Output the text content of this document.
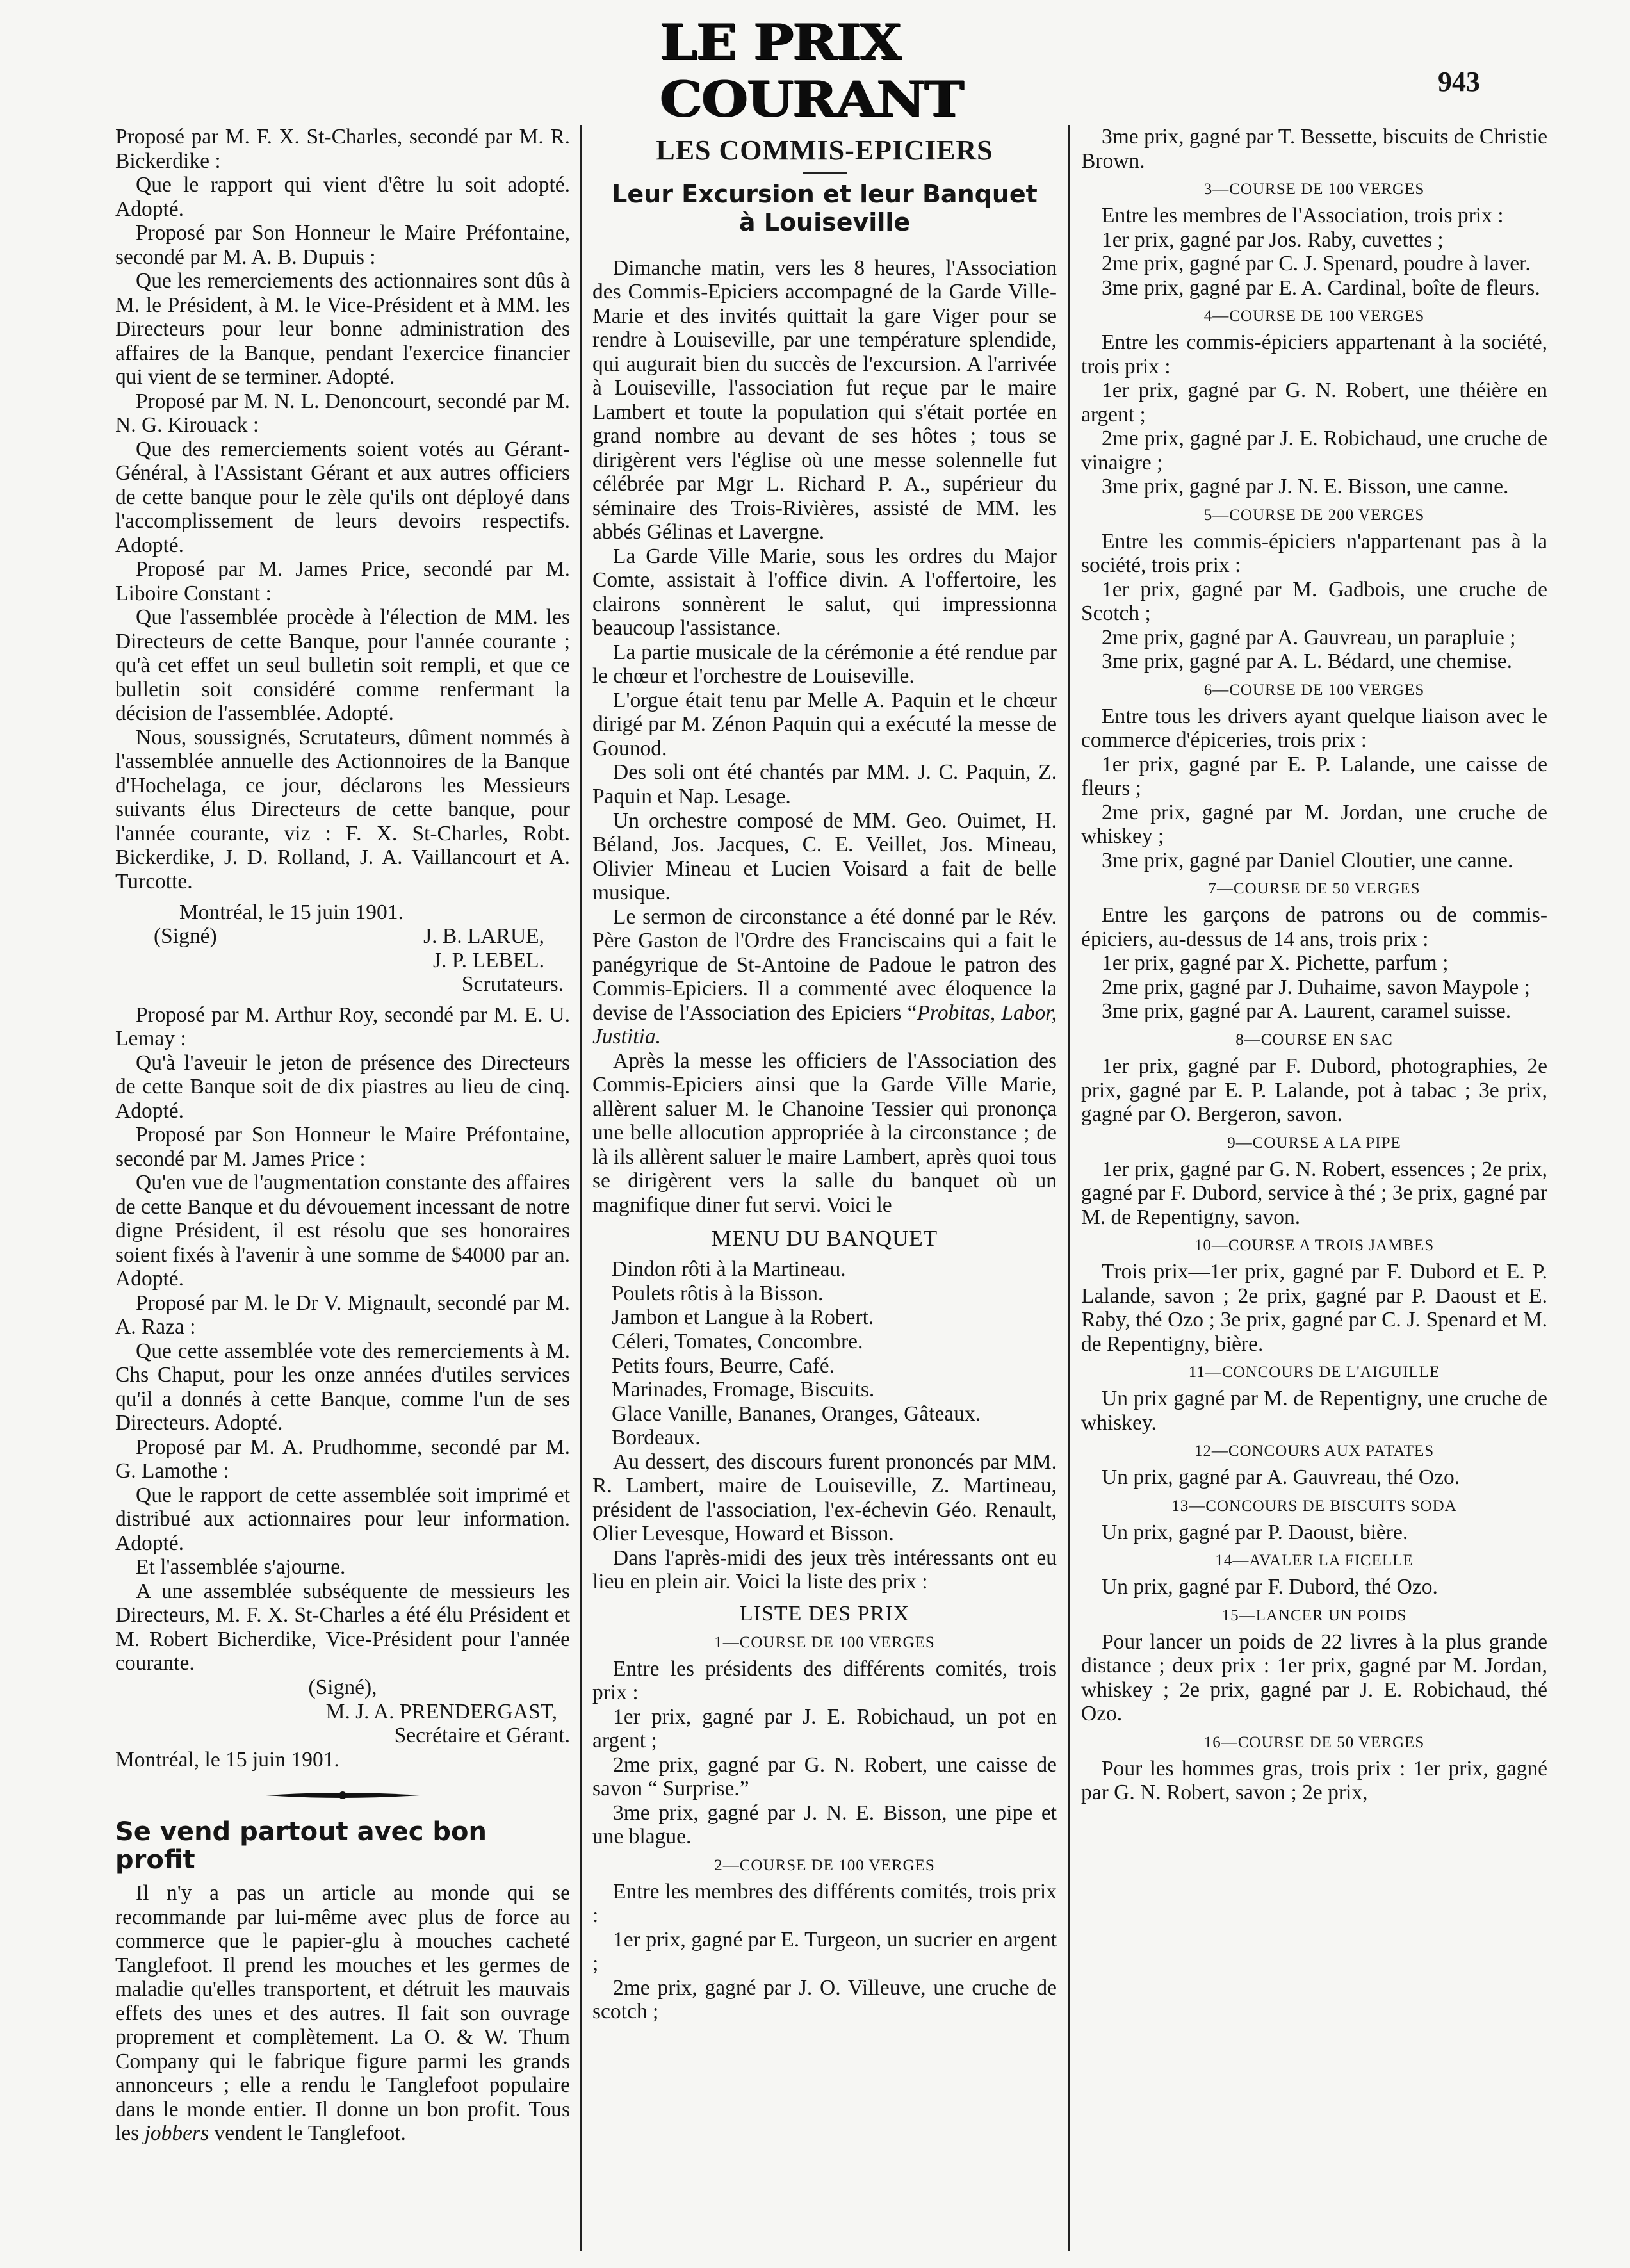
LE PRIX COURANT	943

Proposé par M. F. X. St-Charles, secondé par M. R. Bickerdike :

Que le rapport qui vient d'être lu soit adopté. Adopté.

Proposé par Son Honneur le Maire Préfontaine, secondé par M. A. B. Dupuis :

Que les remerciements des actionnaires sont dûs à M. le Président, à M. le Vice-Président et à MM. les Directeurs pour leur bonne administration des affaires de la Banque, pendant l'exercice financier qui vient de se terminer. Adopté.

Proposé par M. N. L. Denoncourt, secondé par M. N. G. Kirouack :

Que des remerciements soient votés au Gérant-Général, à l'Assistant Gérant et aux autres officiers de cette banque pour le zèle qu'ils ont déployé dans l'accomplissement de leurs devoirs respectifs. Adopté.

Proposé par M. James Price, secondé par M. Liboire Constant :

Que l'assemblée procède à l'élection de MM. les Directeurs de cette Banque, pour l'année courante ; qu'à cet effet un seul bulletin soit rempli, et que ce bulletin soit considéré comme renfermant la décision de l'assemblée. Adopté.

Nous, soussignés, Scrutateurs, dûment nommés à l'assemblée annuelle des Actionnoires de la Banque d'Hochelaga, ce jour, déclarons les Messieurs suivants élus Directeurs de cette banque, pour l'année courante, viz : F. X. St-Charles, Robt. Bickerdike, J. D. Rolland, J. A. Vaillancourt et A. Turcotte.

Montréal, le 15 juin 1901.

(Signé)	J. B. LARUE,

J. P. LEBEL.

Scrutateurs.

Proposé par M. Arthur Roy, secondé par M. E. U. Lemay :

Qu'à l'aveuir le jeton de présence des Directeurs de cette Banque soit de dix piastres au lieu de cinq. Adopté.

Proposé par Son Honneur le Maire Préfontaine, secondé par M. James Price :

Qu'en vue de l'augmentation constante des affaires de cette Banque et du dévouement incessant de notre digne Président, il est résolu que ses honoraires soient fixés à l'avenir à une somme de $4000 par an. Adopté.

Proposé par M. le Dr V. Mignault, secondé par M. A. Raza :

Que cette assemblée vote des remerciements à M. Chs Chaput, pour les onze années d'utiles services qu'il a donnés à cette Banque, comme l'un de ses Directeurs. Adopté.

Proposé par M. A. Prudhomme, secondé par M. G. Lamothe :

Que le rapport de cette assemblée soit imprimé et distribué aux actionnaires pour leur information. Adopté.

Et l'assemblée s'ajourne.

A une assemblée subséquente de messieurs les Directeurs, M. F. X. St-Charles a été élu Président et M. Robert Bicherdike, Vice-Président pour l'année courante.

(Signé),

M. J. A. PRENDERGAST,

Secrétaire et Gérant.

Montréal, le 15 juin 1901.

Se vend partout avec bon profit

Il n'y a pas un article au monde qui se recommande par lui-même avec plus de force au commerce que le papier-glu à mouches cacheté Tanglefoot. Il prend les mouches et les germes de maladie qu'elles transportent, et détruit les mauvais effets des unes et des autres. Il fait son ouvrage proprement et complètement. La O. & W. Thum Company qui le fabrique figure parmi les grands annonceurs ; elle a rendu le Tanglefoot populaire dans le monde entier. Il donne un bon profit. Tous les jobbers vendent le Tanglefoot.

LES COMMIS-EPICIERS
Leur Excursion et leur Banquet
à Louiseville

Dimanche matin, vers les 8 heures, l'Association des Commis-Epiciers accompagné de la Garde Ville-Marie et des invités quittait la gare Viger pour se rendre à Louiseville, par une température splendide, qui augurait bien du succès de l'excursion. A l'arrivée à Louiseville, l'association fut reçue par le maire Lambert et toute la population qui s'était portée en grand nombre au devant de ses hôtes ; tous se dirigèrent vers l'église où une messe solennelle fut célébrée par Mgr L. Richard P. A., supérieur du séminaire des Trois-Rivières, assisté de MM. les abbés Gélinas et Lavergne.

La Garde Ville Marie, sous les ordres du Major Comte, assistait à l'office divin. A l'offertoire, les clairons sonnèrent le salut, qui impressionna beaucoup l'assistance.

La partie musicale de la cérémonie a été rendue par le chœur et l'orchestre de Louiseville.

L'orgue était tenu par Melle A. Paquin et le chœur dirigé par M. Zénon Paquin qui a exécuté la messe de Gounod.

Des soli ont été chantés par MM. J. C. Paquin, Z. Paquin et Nap. Lesage.

Un orchestre composé de MM. Geo. Ouimet, H. Béland, Jos. Jacques, C. E. Veillet, Jos. Mineau, Olivier Mineau et Lucien Voisard a fait de belle musique.

Le sermon de circonstance a été donné par le Rév. Père Gaston de l'Ordre des Franciscains qui a fait le panégyrique de St-Antoine de Padoue le patron des Commis-Epiciers. Il a commenté avec éloquence la devise de l'Association des Epiciers “Probitas, Labor, Justitia.

Après la messe les officiers de l'Association des Commis-Epiciers ainsi que la Garde Ville Marie, allèrent saluer M. le Chanoine Tessier qui prononça une belle allocution appropriée à la circonstance ; de là ils allèrent saluer le maire Lambert, après quoi tous se dirigèrent vers la salle du banquet où un magnifique diner fut servi. Voici le

MENU DU BANQUET

Dindon rôti à la Martineau.

Poulets rôtis à la Bisson.

Jambon et Langue à la Robert.

Céleri, Tomates, Concombre.

Petits fours, Beurre, Café.

Marinades, Fromage, Biscuits.

Glace Vanille, Bananes, Oranges, Gâteaux.

Bordeaux.

Au dessert, des discours furent prononcés par MM. R. Lambert, maire de Louiseville, Z. Martineau, président de l'association, l'ex-échevin Géo. Renault, Olier Levesque, Howard et Bisson.

Dans l'après-midi des jeux très intéressants ont eu lieu en plein air. Voici la liste des prix :

LISTE DES PRIX
1—COURSE DE 100 VERGES

Entre les présidents des différents comités, trois prix :

1er prix, gagné par J. E. Robichaud, un pot en argent ;

2me prix, gagné par G. N. Robert, une caisse de savon “ Surprise.”

3me prix, gagné par J. N. E. Bisson, une pipe et une blague.

2—COURSE DE 100 VERGES

Entre les membres des différents comités, trois prix :

1er prix, gagné par E. Turgeon, un sucrier en argent ;

2me prix, gagné par J. O. Villeuve, une cruche de scotch ;

3me prix, gagné par T. Bessette, biscuits de Christie Brown.

3—COURSE DE 100 VERGES

Entre les membres de l'Association, trois prix :

1er prix, gagné par Jos. Raby, cuvettes ;

2me prix, gagné par C. J. Spenard, poudre à laver.

3me prix, gagné par E. A. Cardinal, boîte de fleurs.

4—COURSE DE 100 VERGES

Entre les commis-épiciers appartenant à la société, trois prix :

1er prix, gagné par G. N. Robert, une théière en argent ;

2me prix, gagné par J. E. Robichaud, une cruche de vinaigre ;

3me prix, gagné par J. N. E. Bisson, une canne.

5—COURSE DE 200 VERGES

Entre les commis-épiciers n'appartenant pas à la société, trois prix :

1er prix, gagné par M. Gadbois, une cruche de Scotch ;

2me prix, gagné par A. Gauvreau, un parapluie ;

3me prix, gagné par A. L. Bédard, une chemise.

6—COURSE DE 100 VERGES

Entre tous les drivers ayant quelque liaison avec le commerce d'épiceries, trois prix :

1er prix, gagné par E. P. Lalande, une caisse de fleurs ;

2me prix, gagné par M. Jordan, une cruche de whiskey ;

3me prix, gagné par Daniel Cloutier, une canne.

7—COURSE DE 50 VERGES

Entre les garçons de patrons ou de commis-épiciers, au-dessus de 14 ans, trois prix :

1er prix, gagné par X. Pichette, parfum ;

2me prix, gagné par J. Duhaime, savon Maypole ;

3me prix, gagné par A. Laurent, caramel suisse.

8—COURSE EN SAC

1er prix, gagné par F. Dubord, photographies, 2e prix, gagné par E. P. Lalande, pot à tabac ; 3e prix, gagné par O. Bergeron, savon.

9—COURSE A LA PIPE

1er prix, gagné par G. N. Robert, essences ; 2e prix, gagné par F. Dubord, service à thé ; 3e prix, gagné par M. de Repentigny, savon.

10—COURSE A TROIS JAMBES

Trois prix—1er prix, gagné par F. Dubord et E. P. Lalande, savon ; 2e prix, gagné par P. Daoust et E. Raby, thé Ozo ; 3e prix, gagné par C. J. Spenard et M. de Repentigny, bière.

11—CONCOURS DE L'AIGUILLE

Un prix gagné par M. de Repentigny, une cruche de whiskey.

12—CONCOURS AUX PATATES

Un prix, gagné par A. Gauvreau, thé Ozo.

13—CONCOURS DE BISCUITS SODA

Un prix, gagné par P. Daoust, bière.

14—AVALER LA FICELLE

Un prix, gagné par F. Dubord, thé Ozo.

15—LANCER UN POIDS

Pour lancer un poids de 22 livres à la plus grande distance ; deux prix : 1er prix, gagné par M. Jordan, whiskey ; 2e prix, gagné par J. E. Robichaud, thé Ozo.

16—COURSE DE 50 VERGES

Pour les hommes gras, trois prix : 1er prix, gagné par G. N. Robert, savon ; 2e prix,
